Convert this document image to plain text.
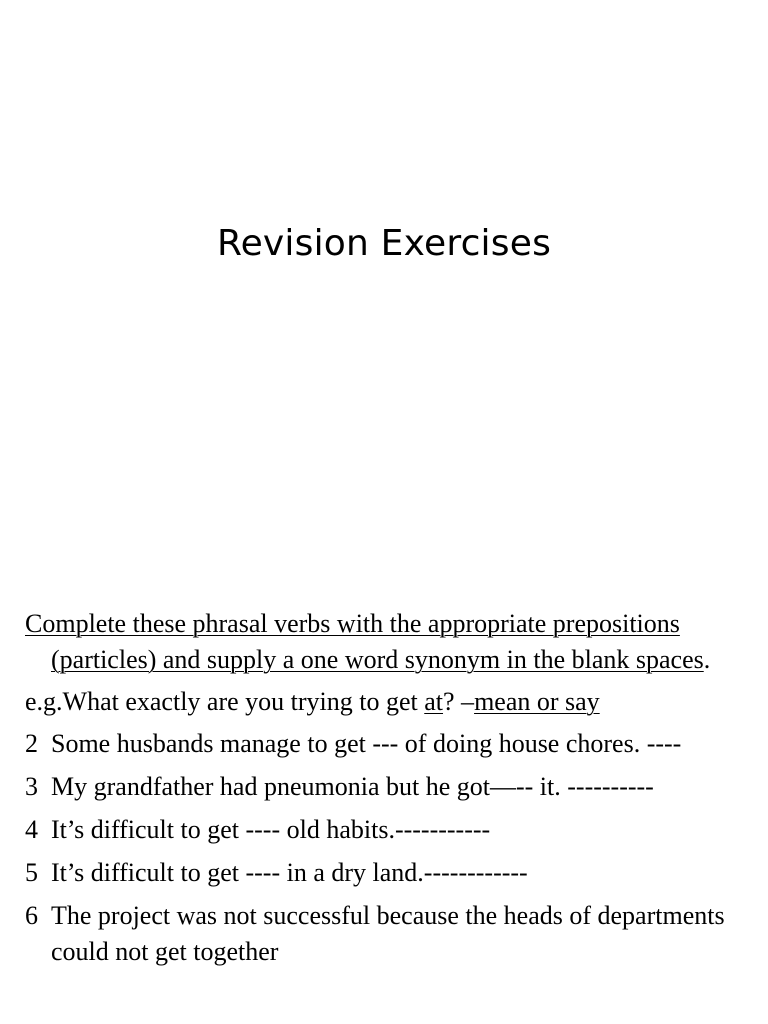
Revision Exercises

Complete these phrasal verbs with the appropriate prepositions (particles) and supply a one word synonym in the blank spaces.

e.g.What exactly are you trying to get at? –mean or say

2 Some husbands manage to get --- of doing house chores. ----

3 My grandfather had pneumonia but he got—-- it. ----------

4 It’s difficult to get ---- old habits.-----------

5 It’s difficult to get ---- in a dry land.------------

6 The project was not successful because the heads of departments could not get together
